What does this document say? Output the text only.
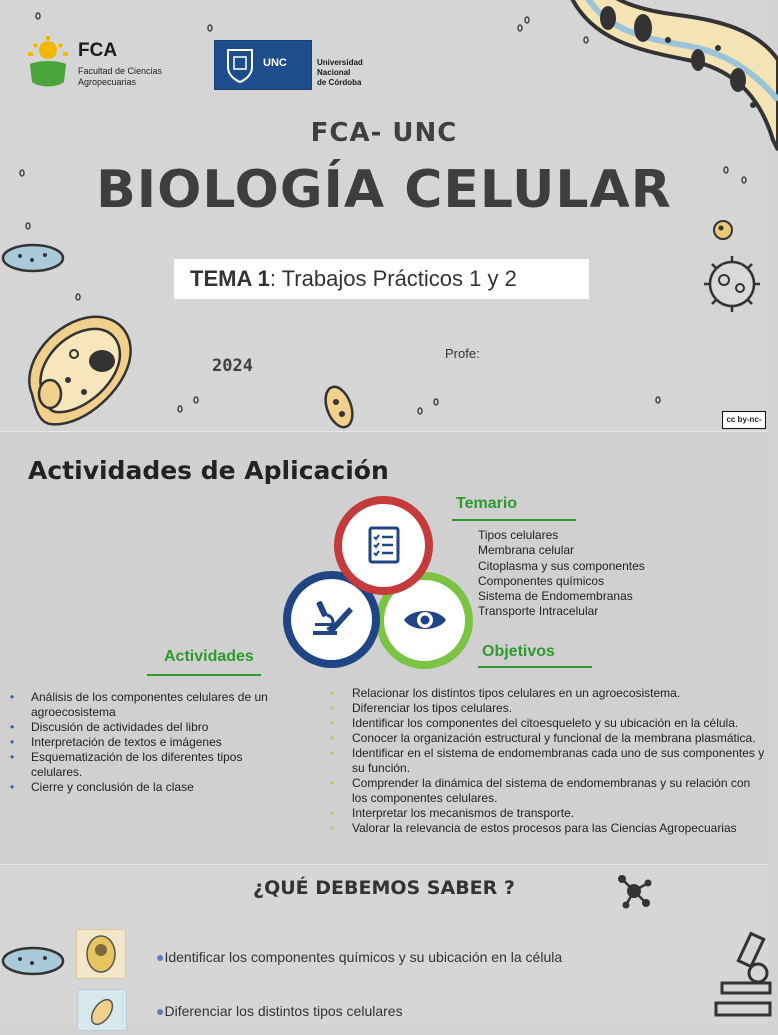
FCA
Facultad de Ciencias
Agropecuarias
UNC	Universidad
Nacional
de Córdoba
FCA- UNC
BIOLOGÍA CELULAR
TEMA 1: Trabajos Prácticos 1 y 2
2024
Profe:
cc by-nc-
Actividades de Aplicación
Temario
Tipos celulares
Membrana celular
Citoplasma y sus componentes
Componentes químicos
Sistema de Endomembranas
Transporte Intracelular
Actividades
• Análisis de los componentes celulares de un agroecosistema
• Discusión de actividades del libro
• Interpretación de textos e imágenes
• Esquematización de los diferentes tipos celulares.
• Cierre y conclusión de la clase
Objetivos
• Relacionar los distintos tipos celulares en un agroecosistema.
• Diferenciar los tipos celulares.
• Identificar los componentes del citoesqueleto y su ubicación en la célula.
• Conocer la organización estructural y funcional de la membrana plasmática.
• Identificar en el sistema de endomembranas cada uno de sus componentes y su función.
• Comprender la dinámica del sistema de endomembranas y su relación con los componentes celulares.
• Interpretar los mecanismos de transporte.
• Valorar la relevancia de estos procesos para las Ciencias Agropecuarias
¿QUÉ DEBEMOS SABER ?
●Identificar los componentes químicos y su ubicación en la célula
●Diferenciar los distintos tipos celulares
